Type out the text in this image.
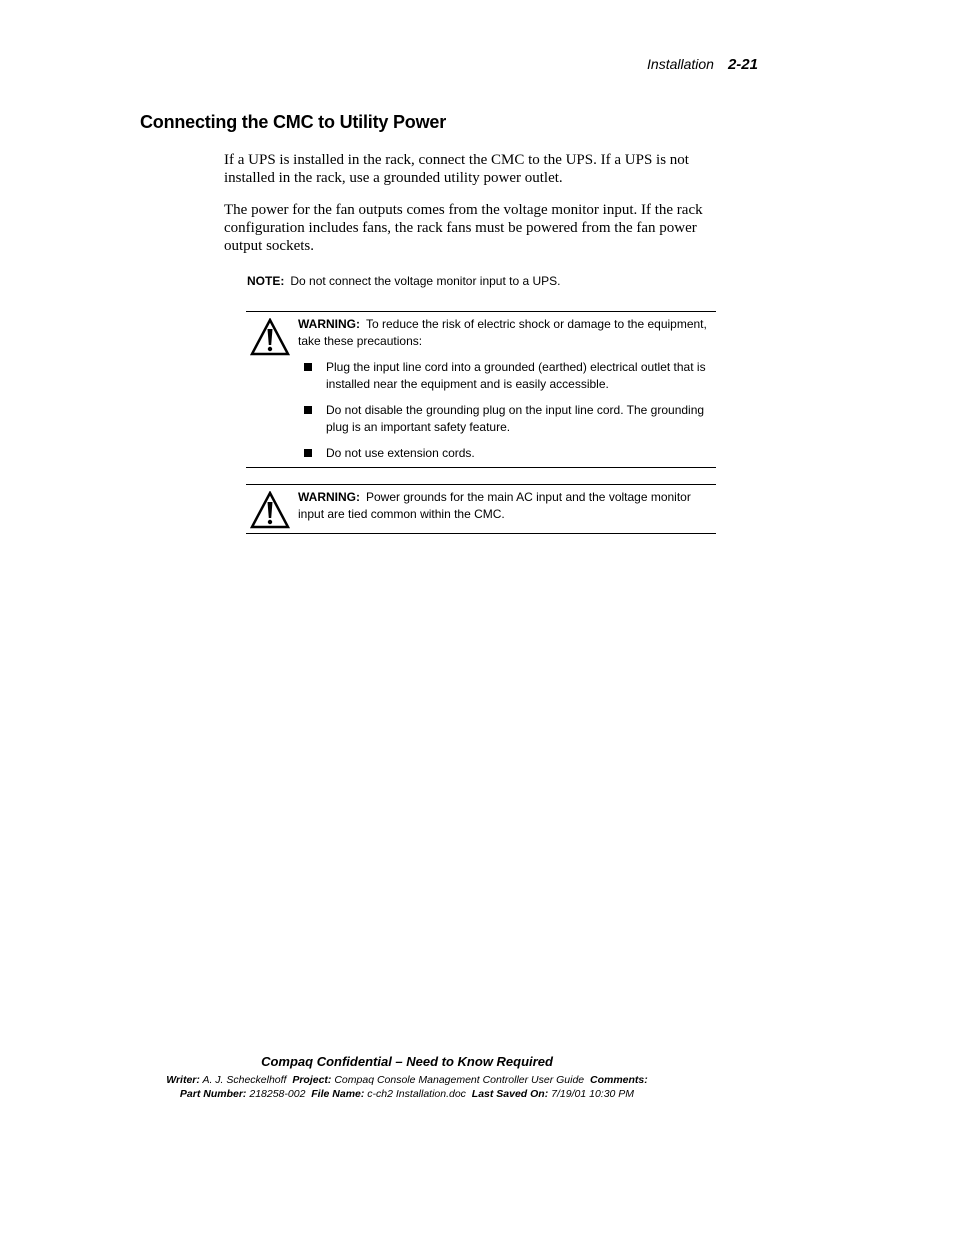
Installation 2-21
Connecting the CMC to Utility Power

If a UPS is installed in the rack, connect the CMC to the UPS. If a UPS is not installed in the rack, use a grounded utility power outlet.

The power for the fan outputs comes from the voltage monitor input. If the rack configuration includes fans, the rack fans must be powered from the fan power output sockets.

NOTE: Do not connect the voltage monitor input to a UPS.
WARNING: To reduce the risk of electric shock or damage to the equipment, take these precautions:
Plug the input line cord into a grounded (earthed) electrical outlet that is installed near the equipment and is easily accessible.
Do not disable the grounding plug on the input line cord. The grounding plug is an important safety feature.
Do not use extension cords.
WARNING: Power grounds for the main AC input and the voltage monitor input are tied common within the CMC.
Compaq Confidential – Need to Know Required
Writer: A. J. Scheckelhoff Project: Compaq Console Management Controller User Guide Comments:
Part Number: 218258-002 File Name: c-ch2 Installation.doc Last Saved On: 7/19/01 10:30 PM
